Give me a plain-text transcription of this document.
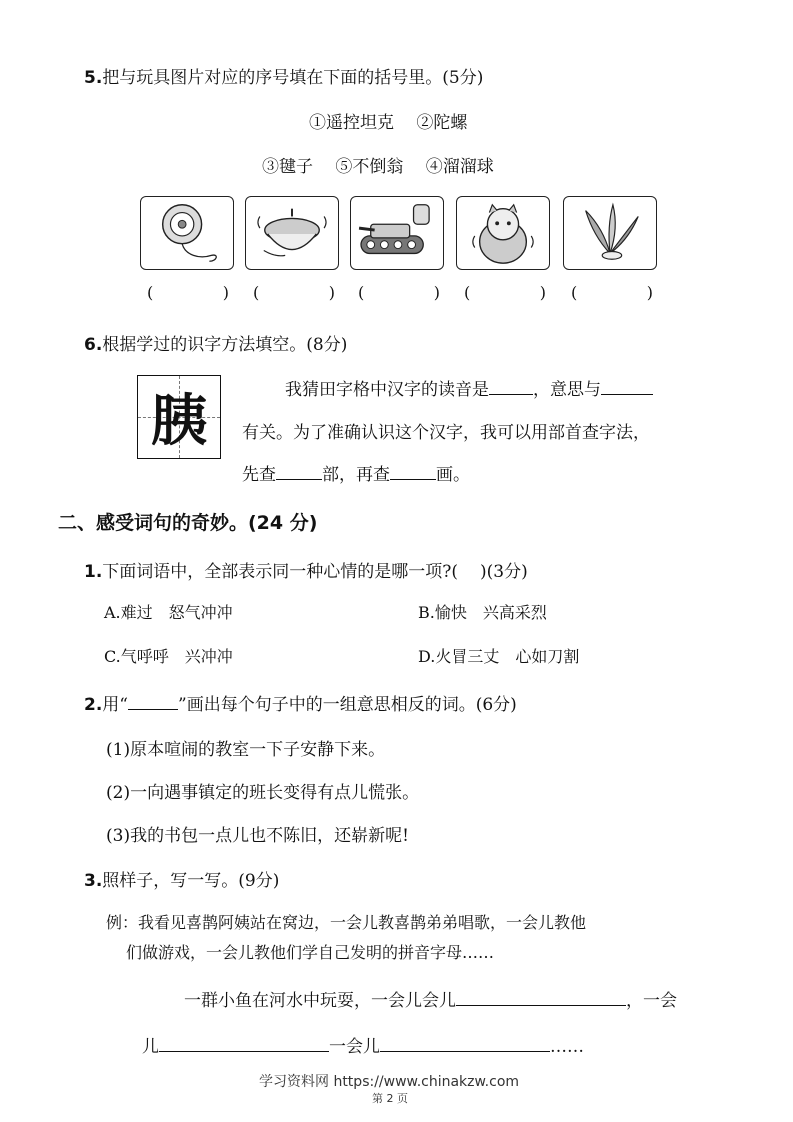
5.把与玩具图片对应的序号填在下面的括号里。(5分)
①遥控坦克　 ②陀螺
③毽子　 ⑤不倒翁　 ④溜溜球
(	) (	) (	) (	) (	)
6.根据学过的识字方法填空。(8分)
胰	我猜田字格中汉字的读音是	，意思与
有关。为了准确认识这个汉字，我可以用部首查字法，
先查	部，再查	画。
二、感受词句的奇妙。(24 分)
1.下面词语中，全部表示同一种心情的是哪一项?( )(3分)
A.难过　怒气冲冲	B.愉快　兴高采烈
C.气呼呼　兴冲冲	D.火冒三丈　心如刀割
2.用“	”画出每个句子中的一组意思相反的词。(6分)
(1)原本喧闹的教室一下子安静下来。
(2)一向遇事镇定的班长变得有点儿慌张。
(3)我的书包一点儿也不陈旧，还崭新呢!
3.照样子，写一写。(9分)
例：我看见喜鹊阿姨站在窝边，一会儿教喜鹊弟弟唱歌，一会儿教他
们做游戏，一会儿教他们学自己发明的拼音字母……
一群小鱼在河水中玩耍，一会儿会儿	，一会
儿	一会儿	……
学习资料网 https://www.chinakzw.com
第 2 页
